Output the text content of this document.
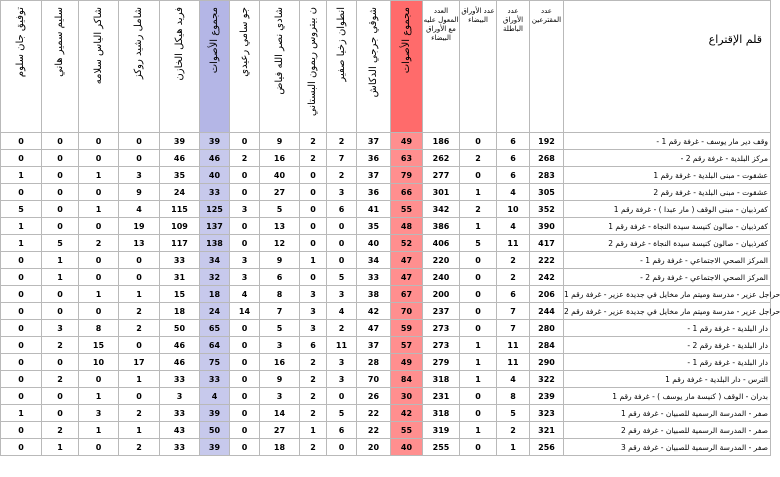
توفيق جان سلوم	سليم سمير هاني	شاكر الياس سلامه	شامل رشيد روكز	فريد هيكل الخازن	مجموع الأصوات	جو سامي رعيدي	شادي نصر الله فياض	ن بيتروس ريمون البستاني	انطوان زخيا صفير	شوقي جرجي الدكاش	مجموع الأصوات	العدد المعول عليه مع الأوراق البيضاء	عدد الأوراق البيضاء	عدد الأوراق الباطلة	عدد المقترعين	قلم الإقتراع

0	0	0	0	39	39	0	9	2	2	37	49	186	0	6	192	- وقف دير مار يوسف - غرفة رقم 1
0	0	0	0	46	46	2	16	2	7	36	63	262	2	6	268	- مركز البلدية - غرفة رقم 2
1	0	1	3	35	40	0	40	0	2	37	79	277	0	6	283	عشقوت - مبنى البلدية - غرفة رقم 1
0	0	0	9	24	33	0	27	0	3	36	66	301	1	4	305	عشقوت - مبنى البلدية - غرفة رقم 2
5	0	1	4	115	125	3	5	0	6	41	55	342	2	10	352	كفرذبيان - مبنى الوقف ( مار عبدا ) - غرفة رقم 1
1	0	0	19	109	137	0	13	0	0	35	48	386	1	4	390	كفرذبيان - صالون كنيسة سيدة النجاة - غرفة رقم 1
1	5	2	13	117	138	0	12	0	0	40	52	406	5	11	417	كفرذبيان - صالون كنيسة سيدة النجاة - غرفة رقم 2
0	1	0	0	33	34	3	9	1	0	34	47	220	0	2	222	- المركز الصحي الاجتماعي - غرفة رقم 1
0	1	0	0	31	32	3	6	0	5	33	47	240	0	2	242	- المركز الصحي الاجتماعي - غرفة رقم 2
0	0	1	1	15	18	4	8	3	3	38	67	200	0	6	206	حراجل عزير - مدرسة وميتم مار مخايل في جديدة عزير - غرفة رقم 1
0	0	0	2	18	24	14	7	3	4	42	70	237	0	7	244	حراجل عزير - مدرسة وميتم مار مخايل في جديدة عزير - غرفة رقم 2
0	3	8	2	50	65	0	5	3	2	47	59	273	0	7	280	- دار البلدية - غرفة رقم 1
0	2	15	0	46	64	0	3	6	11	37	57	273	1	11	284	- دار البلدية - غرفة رقم 2
0	0	10	17	46	75	0	16	2	3	28	49	279	1	11	290	- دار البلدية - غرفة رقم 1
0	2	0	1	33	33	0	9	2	3	70	84	318	1	4	322	الترس - دار البلدية - غرفة رقم 1
0	0	1	0	3	4	0	3	2	0	26	30	231	0	8	239	بدران - الوقف ( كنيسة مار يوسف ) - غرفة رقم 1
1	0	3	2	33	39	0	14	2	5	22	42	318	0	5	323	صفر - المدرسة الرسمية للصبيان - غرفة رقم 1
0	2	1	1	43	50	0	27	1	6	22	55	319	1	2	321	صفر - المدرسة الرسمية للصبيان - غرفة رقم 2
0	1	0	2	33	39	0	18	2	0	20	40	255	0	1	256	صفر - المدرسة الرسمية للصبيان - غرفة رقم 3
